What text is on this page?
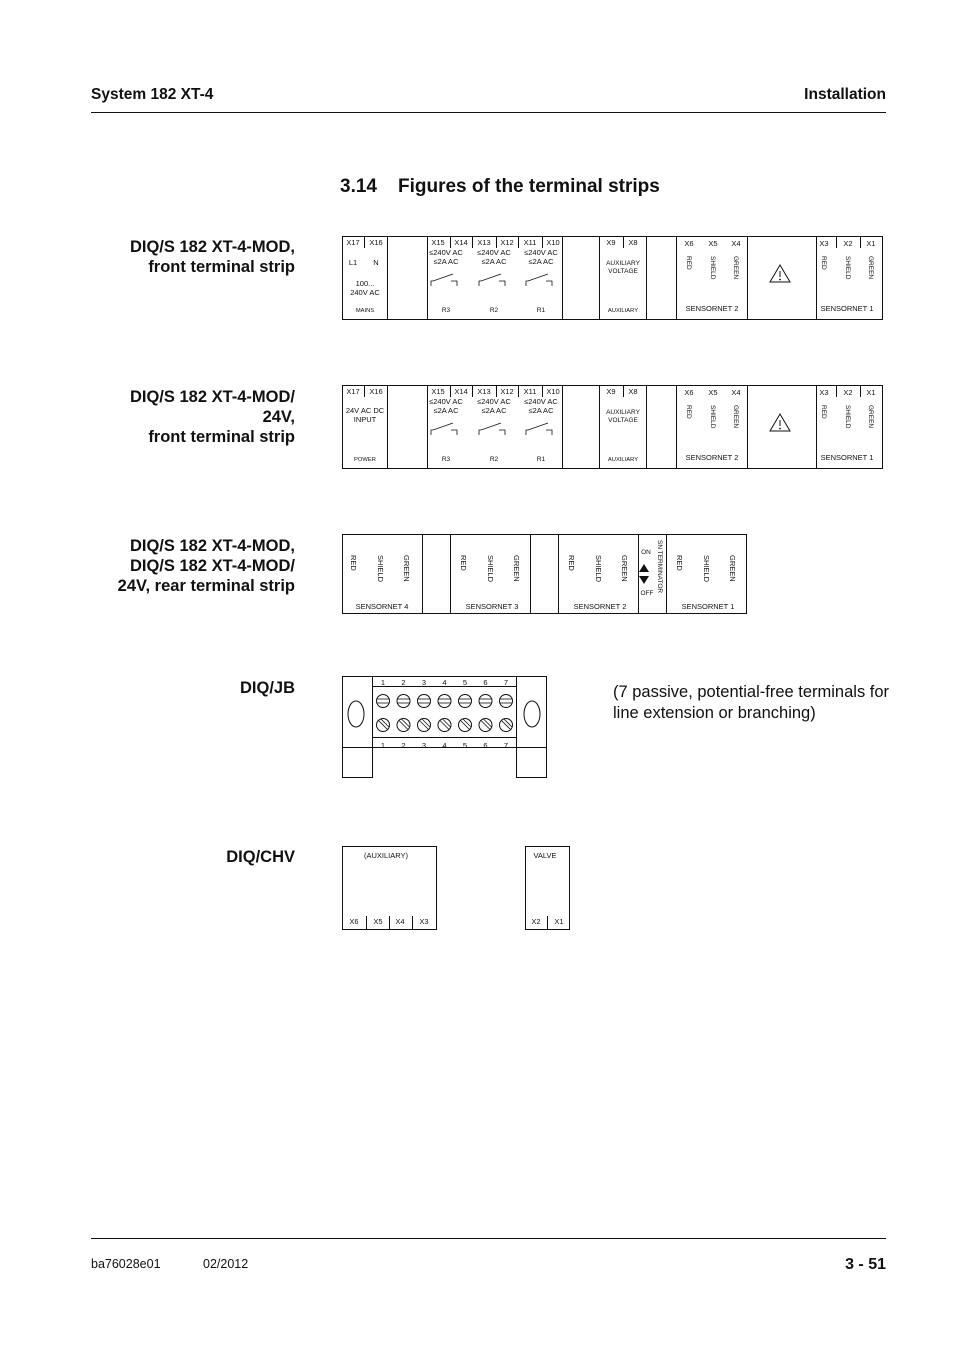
System 182 XT-4	Installation
3.14 Figures of the terminal strips
DIQ/S 182 XT-4-MOD,
front terminal strip
DIQ/S 182 XT-4-MOD/
24V,
front terminal strip
DIQ/S 182 XT-4-MOD,
DIQ/S 182 XT-4-MOD/
24V, rear terminal strip
DIQ/JB
DIQ/CHV
X17 X16
L1 N
100...
240V AC
MAINS
X15 X14 X13 X12 X11 X10
≤240V AC
≤2A AC
R3
≤240V AC
≤2A AC
R2
≤240V AC
≤2A AC
R1
X9 X8
AUXILIARY
VOLTAGE
AUXILIARY
X6 X5 X4
RED	SHIELD GREEN
SENSORNET 2
X3 X2 X1
RED	SHIELD GREEN
SENSORNET 1
X17 X16
24V AC DC
INPUT
POWER
X15 X14 X13 X12 X11 X10
≤240V AC
≤2A AC
R3
≤240V AC
≤2A AC
R2
≤240V AC
≤2A AC
R1
X9 X8
AUXILIARY
VOLTAGE
AUXILIARY
X6 X5 X4
RED	SHIELD GREEN
SENSORNET 2
X3 X2 X1
RED	SHIELD GREEN
SENSORNET 1
RED SHIELD GREEN
SENSORNET 4
RED SHIELD GREEN
SENSORNET 3
RED SHIELD GREEN
SENSORNET 2
ON
OFF
SN TERMINATOR RED SHIELD GREEN
SENSORNET 1
1
1
2
2
3
3
4
4
5
5
6
6
7
7
(AUXILIARY)
X6 X5 X4 X3
VALVE
X2 X1
(7 passive, potential-free terminals for line extension or branching)
ba76028e01	02/2012	3 - 51
